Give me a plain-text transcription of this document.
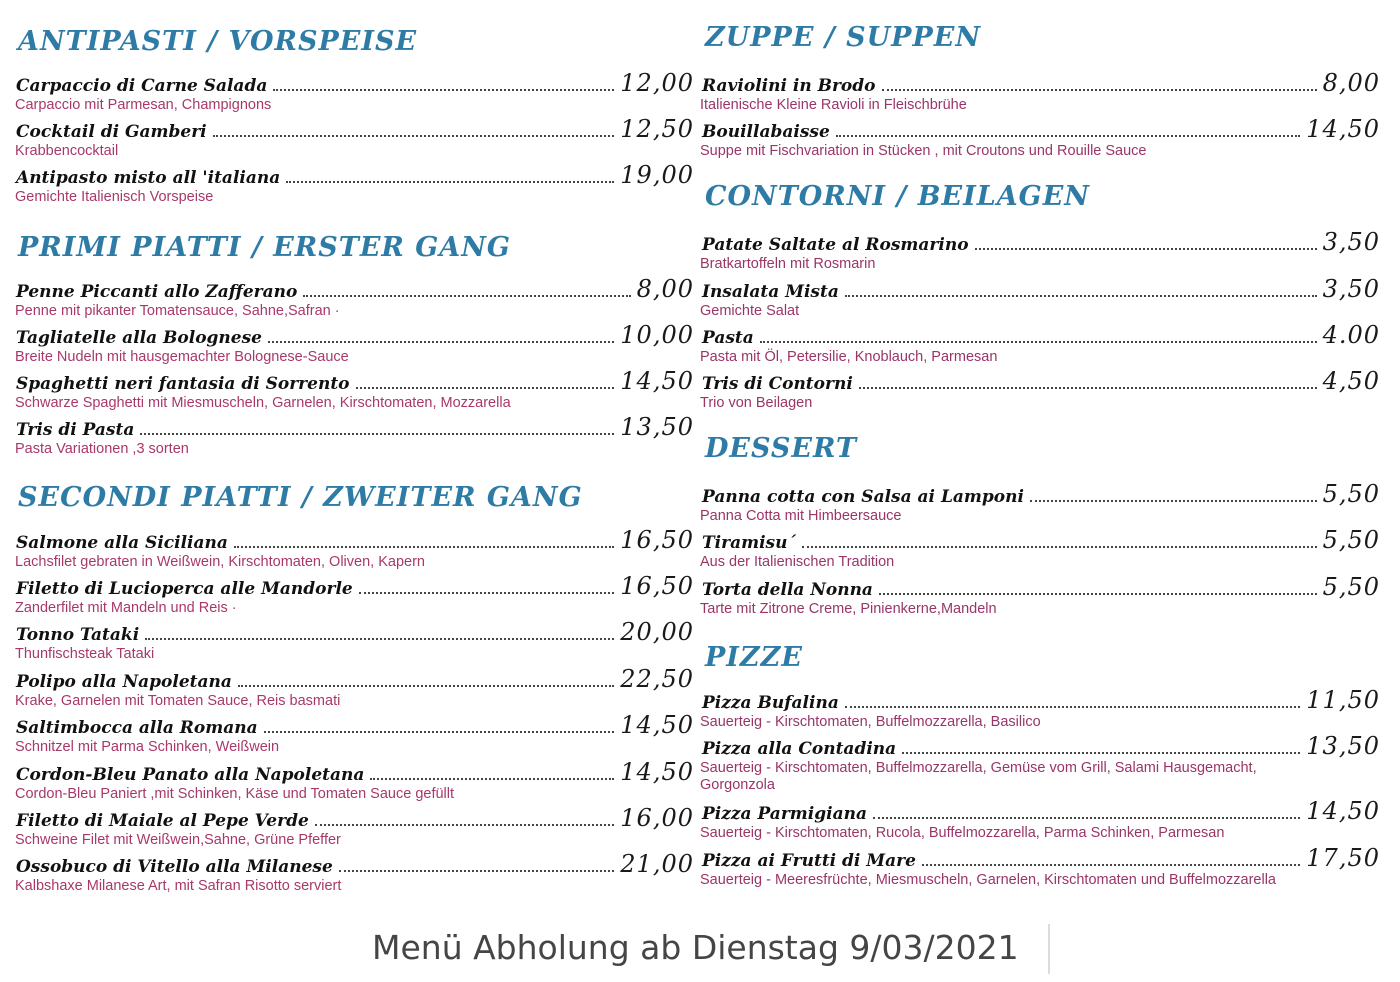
ANTIPASTI / VORSPEISE
Carpaccio di Carne Salada	12,00
Carpaccio mit Parmesan, Champignons
Cocktail di Gamberi	12,50
Krabbencocktail
Antipasto misto all 'italiana	19,00
Gemichte Italienisch Vorspeise
PRIMI PIATTI / ERSTER GANG
Penne Piccanti allo Zafferano	8,00
Penne mit pikanter Tomatensauce, Sahne,Safran ·
Tagliatelle alla Bolognese	10,00
Breite Nudeln mit hausgemachter Bolognese-Sauce
Spaghetti neri fantasia di Sorrento	14,50
Schwarze Spaghetti mit Miesmuscheln, Garnelen, Kirschtomaten, Mozzarella
Tris di Pasta	13,50
Pasta Variationen ,3 sorten
SECONDI PIATTI / ZWEITER GANG
Salmone alla Siciliana	16,50
Lachsfilet gebraten in Weißwein, Kirschtomaten, Oliven, Kapern
Filetto di Lucioperca alle Mandorle	16,50
Zanderfilet mit Mandeln und Reis ·
Tonno Tataki	20,00
Thunfischsteak Tataki
Polipo alla Napoletana	22,50
Krake, Garnelen mit Tomaten Sauce, Reis basmati
Saltimbocca alla Romana	14,50
Schnitzel mit Parma Schinken, Weißwein
Cordon-Bleu Panato alla Napoletana	14,50
Cordon-Bleu Paniert ,mit Schinken, Käse und Tomaten Sauce gefüllt
Filetto di Maiale al Pepe Verde	16,00
Schweine Filet mit Weißwein,Sahne, Grüne Pfeffer
Ossobuco di Vitello alla Milanese	21,00
Kalbshaxe Milanese Art, mit Safran Risotto serviert
ZUPPE / SUPPEN
Raviolini in Brodo	8,00
Italienische Kleine Ravioli in Fleischbrühe
Bouillabaisse	14,50
Suppe mit Fischvariation in Stücken , mit Croutons und Rouille Sauce
CONTORNI / BEILAGEN
Patate Saltate al Rosmarino	3,50
Bratkartoffeln mit Rosmarin
Insalata Mista	3,50
Gemichte Salat
Pasta	4.00
Pasta mit Öl, Petersilie, Knoblauch, Parmesan
Tris di Contorni	4,50
Trio von Beilagen
DESSERT
Panna cotta con Salsa ai Lamponi	5,50
Panna Cotta mit Himbeersauce
Tiramisu´	5,50
Aus der Italienischen Tradition
Torta della Nonna	5,50
Tarte mit Zitrone Creme, Pinienkerne,Mandeln
PIZZE
Pizza Bufalina	11,50
Sauerteig - Kirschtomaten, Buffelmozzarella, Basilico
Pizza alla Contadina	13,50
Sauerteig - Kirschtomaten, Buffelmozzarella, Gemüse vom Grill, Salami Hausgemacht,
Gorgonzola
Pizza Parmigiana	14,50
Sauerteig - Kirschtomaten, Rucola, Buffelmozzarella, Parma Schinken, Parmesan
Pizza ai Frutti di Mare	17,50
Sauerteig - Meeresfrüchte, Miesmuscheln, Garnelen, Kirschtomaten und Buffelmozzarella
Menü Abholung ab Dienstag 9/03/2021
